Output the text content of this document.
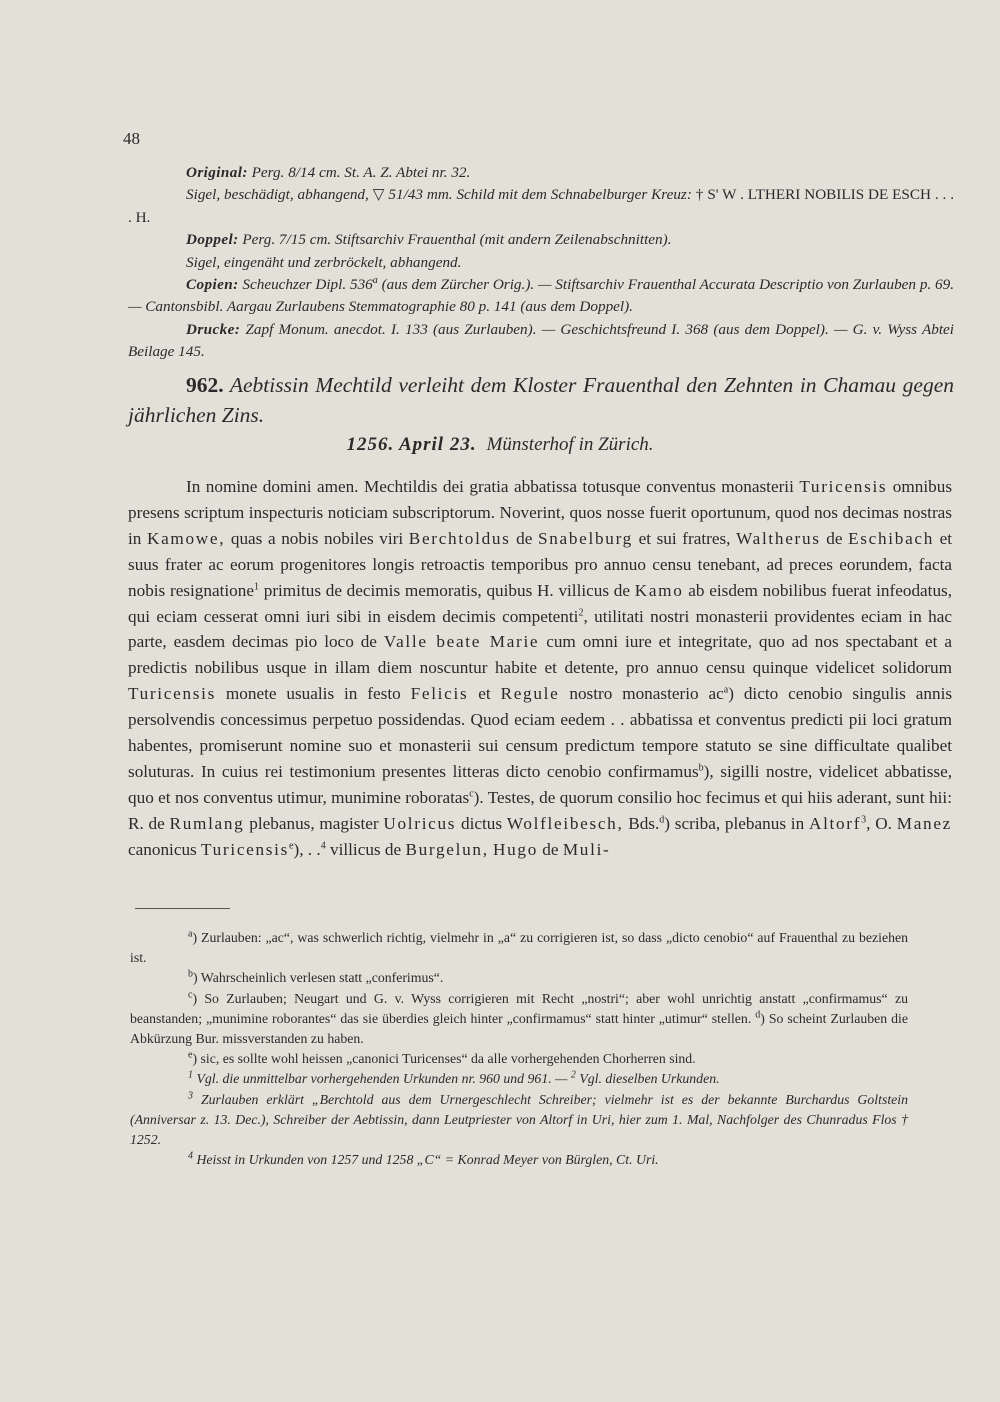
48

Original: Perg. 8/14 cm. St. A. Z. Abtei nr. 32.

Sigel, beschädigt, abhangend, ▽ 51/43 mm. Schild mit dem Schnabelburger Kreuz: † S' W . LTHERI NOBILIS DE ESCH . . . . H.

Doppel: Perg. 7/15 cm. Stiftsarchiv Frauenthal (mit andern Zeilenabschnitten).

Sigel, eingenäht und zerbröckelt, abhangend.

Copien: Scheuchzer Dipl. 536$^a$ (aus dem Zürcher Orig.). — Stiftsarchiv Frauenthal Accurata Descriptio von Zurlauben p. 69. — Cantonsbibl. Aargau Zurlaubens Stemmatographie 80 p. 141 (aus dem Doppel).

Drucke: Zapf Monum. anecdot. I. 133 (aus Zurlauben). — Geschichtsfreund I. 368 (aus dem Doppel). — G. v. Wyss Abtei Beilage 145.

962. Aebtissin Mechtild verleiht dem Kloster Frauenthal den Zehnten in Chamau gegen jährlichen Zins.
1256. April 23. Münsterhof in Zürich.
In nomine domini amen. Mechtildis dei gratia abbatissa totusque conventus monasterii Turicensis omnibus presens scriptum inspecturis noticiam subscriptorum. Noverint, quos nosse fuerit oportunum, quod nos decimas nostras in Kamowe, quas a nobis nobiles viri Berchtoldus de Snabelburg et sui fratres, Waltherus de Eschibach et suus frater ac eorum progenitores longis retroactis temporibus pro annuo censu tenebant, ad preces eorundem, facta nobis resignatione$^1$ primitus de decimis memoratis, quibus H. villicus de Kamo ab eisdem nobilibus fuerat infeodatus, qui eciam cesserat omni iuri sibi in eisdem decimis competenti$^2$, utilitati nostri monasterii providentes eciam in hac parte, easdem decimas pio loco de Valle beate Marie cum omni iure et integritate, quo ad nos spectabant et a predictis nobilibus usque in illam diem noscuntur habite et detente, pro annuo censu quinque videlicet solidorum Turicensis monete usualis in festo Felicis et Regule nostro monasterio $ac^a$) dicto cenobio singulis annis persolvendis concessimus perpetuo possidendas. Quod eciam eedem . . abbatissa et conventus predicti pii loci gratum habentes, promiserunt nomine suo et monasterii sui censum predictum tempore statuto se sine difficultate qualibet soluturas. In cuius rei testimonium presentes litteras dicto cenobio confirmamus$^b$), sigilli nostre, videlicet abbatisse, quo et nos conventus utimur, munimine roboratas$^c$). Testes, de quorum consilio hoc fecimus et qui hiis aderant, sunt hii: R. de Rumlang plebanus, magister Uolricus dictus Wolfleibesch, Bds.$^d$) scriba, plebanus in Altorf$^3$, O. Manez canonicus Turicensis$^e$), . .$^4$ villicus de Burgelun, Hugo de Muli-

$^a$) Zurlauben: „ac“, was schwerlich richtig, vielmehr in „a“ zu corrigieren ist, so dass „dicto cenobio“ auf Frauenthal zu beziehen ist.

$^b$) Wahrscheinlich verlesen statt „conferimus“.

$^c$) So Zurlauben; Neugart und G. v. Wyss corrigieren mit Recht „nostri“; aber wohl unrichtig anstatt „confirmamus“ zu beanstanden; „munimine roborantes“ das sie überdies gleich hinter „confirmamus“ statt hinter „utimur“ stellen. $^d$) So scheint Zurlauben die Abkürzung Bur. missverstanden zu haben.

$^e$) sic, es sollte wohl heissen „canonici Turicenses“ da alle vorhergehenden Chorherren sind.

$^1$ Vgl. die unmittelbar vorhergehenden Urkunden nr. 960 und 961. — $^2$ Vgl. dieselben Urkunden.

$^3$ Zurlauben erklärt „Berchtold aus dem Urnergeschlecht Schreiber; vielmehr ist es der bekannte Burchardus Goltstein (Anniversar z. 13. Dec.), Schreiber der Aebtissin, dann Leutpriester von Altorf in Uri, hier zum 1. Mal, Nachfolger des Chunradus Flos † 1252.

$^4$ Heisst in Urkunden von 1257 und 1258 „C“ = Konrad Meyer von Bürglen, Ct. Uri.
